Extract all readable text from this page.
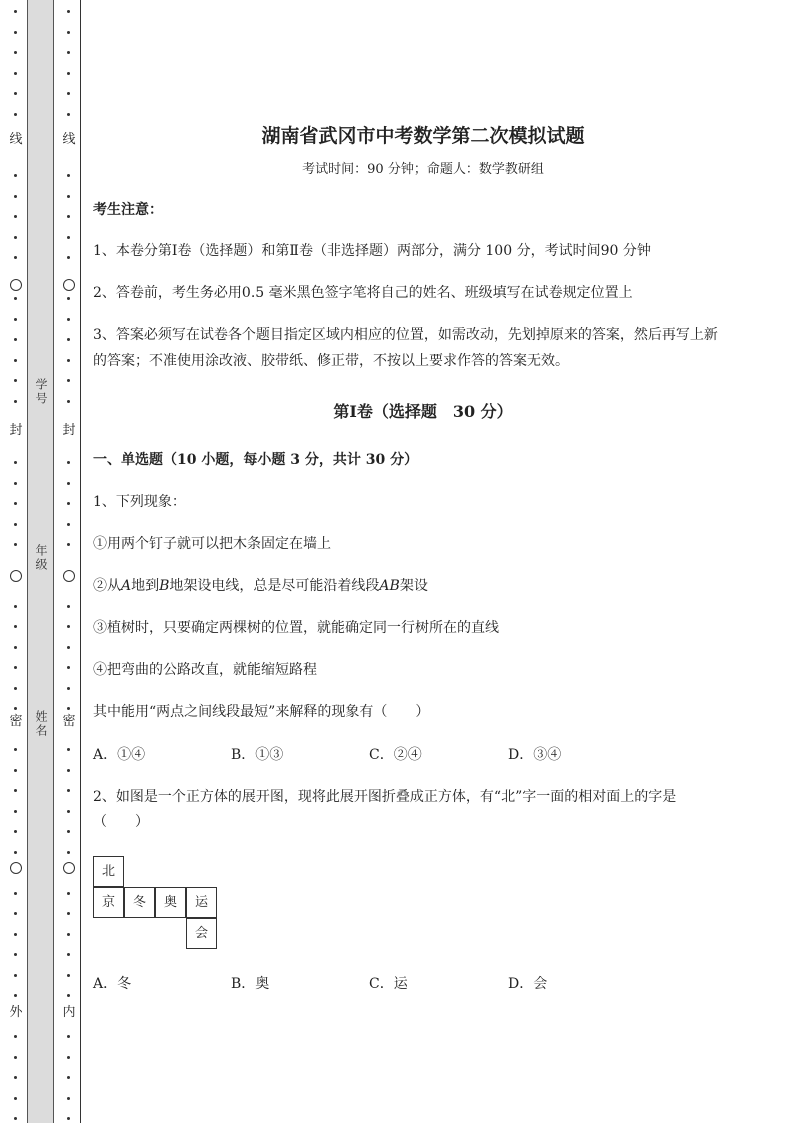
线
封
密
外
学号
年级
姓名
线
封
密
内
湖南省武冈市中考数学第二次模拟试题
考试时间：90 分钟；命题人：数学教研组
考生注意：
1、本卷分第Ⅰ卷（选择题）和第Ⅱ卷（非选择题）两部分，满分 100 分，考试时间90 分钟
2、答卷前，考生务必用0.5 毫米黑色签字笔将自己的姓名、班级填写在试卷规定位置上
3、答案必须写在试卷各个题目指定区域内相应的位置，如需改动，先划掉原来的答案，然后再写上新
的答案；不准使用涂改液、胶带纸、修正带，不按以上要求作答的答案无效。
第Ⅰ卷（选择题　30 分）
一、单选题（10 小题，每小题 3 分，共计 30 分）
1、下列现象：
①用两个钉子就可以把木条固定在墙上
②从A地到B地架设电线，总是尽可能沿着线段AB架设
③植树时，只要确定两棵树的位置，就能确定同一行树所在的直线
④把弯曲的公路改直，就能缩短路程
其中能用“两点之间线段最短”来解释的现象有（　　）
A．①④	B．①③	C．②④	D．③④
2、如图是一个正方体的展开图，现将此展开图折叠成正方体，有“北”字一面的相对面上的字是
（　　）
北
京	冬	奥	运
会
A．冬	B．奥	C．运	D．会
